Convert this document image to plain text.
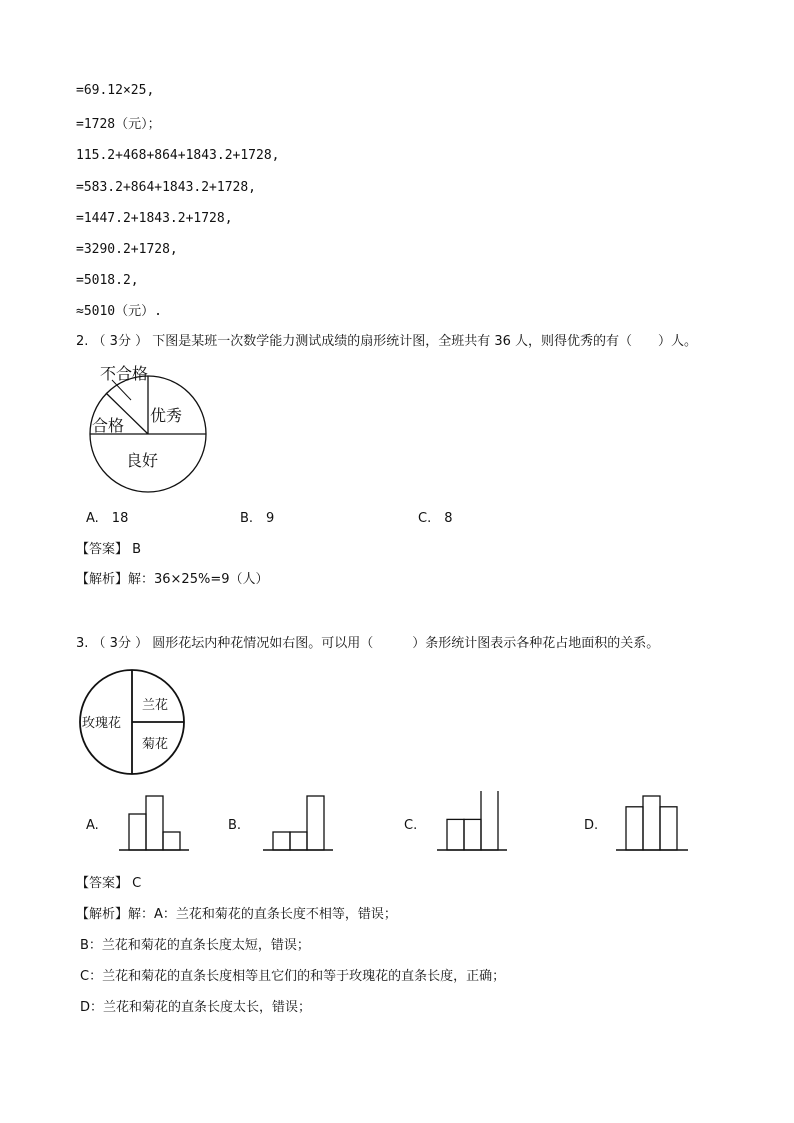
=69.12×25,
=1728（元）；
115.2+468+864+1843.2+1728,
=583.2+864+1843.2+1728,
=1447.2+1843.2+1728,
=3290.2+1728,
=5018.2,
≈5010（元）.
2. （ 3分 ） 下图是某班一次数学能力测试成绩的扇形统计图，全班共有 36 人，则得优秀的有（　　）人。
不合格
合格
优秀
良好
A.　18	B.　9	C.　8
【答案】 B
【解析】解：36×25%=9（人）
3. （ 3分 ） 圆形花坛内种花情况如右图。可以用（　　　）条形统计图表示各种花占地面积的关系。
玫瑰花
兰花
菊花
A.	B.	C.	D.
【答案】 C
【解析】解：A：兰花和菊花的直条长度不相等，错误；
B：兰花和菊花的直条长度太短，错误；
C：兰花和菊花的直条长度相等且它们的和等于玫瑰花的直条长度，正确；
D：兰花和菊花的直条长度太长，错误；
